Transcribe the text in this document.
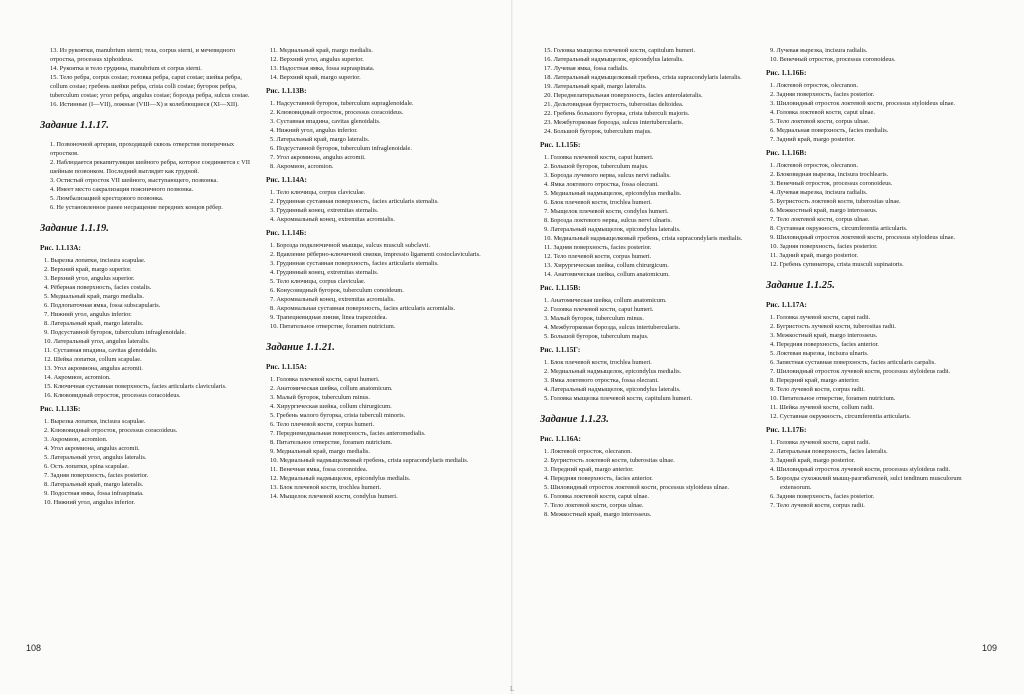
13. Из рукоятки, manubrium sterni; тела, corpus sterni, и мечевидного отростка, processus xiphoideus.

14. Рукоятка и тело грудины, manubrium et corpus sterni.

15. Тело ребра, corpus costae; головка ребра, caput costae; шейка ребра, collum costae; гребень шейки ребра, crista colli costae; бугорок ребра, tuberculum costae; угол ребра, angulus costae; борозда ребра, sulcus costae.

16. Истинные (I—VII), ложные (VIII—X) и колеблющиеся (XI—XII).

Задание 1.1.17.

1. Позвоночной артерии, проходящей сквозь отверстия поперечных отростков.

2. Наблюдается рекапитуляция шейного ребра, которое соединяется с VII шейным позвонком. Последний выглядит как грудной.

3. Остистый отросток VII шейного, выступающего, позвонка.

4. Имеет место сакрализация поясничного позвонка.

5. Люмбализацией крестцового позвонка.

6. Не установленное ранее несращение передних концов рёбер.

Задание 1.1.19.

Рис. 1.1.13А:

1. Вырезка лопатки, incisura scapulae.

2. Верхний край, margo superior.

3. Верхний угол, angulus superior.

4. Рёберная поверхность, facies costalis.

5. Медиальный край, margo medialis.

6. Подлопаточная ямка, fossa subscapularis.

7. Нижний угол, angulus inferior.

8. Латеральный край, margo lateralis.

9. Подсуставной бугорок, tuberculum infraglenoidale.

10. Латеральный угол, angulus lateralis.

11. Суставная впадина, cavitas glenoidalis.

12. Шейка лопатки, collum scapulae.

13. Угол акромиона, angulus acromii.

14. Акромион, acromion.

15. Ключичная суставная поверхность, facies articularis clavicularis.

16. Клювовидный отросток, processus coracoideus.

Рис. 1.1.13Б:

1. Вырезка лопатки, incisura scapulae.

2. Клювовидный отросток, processus coracoideus.

3. Акромион, acromion.

4. Угол акромиона, angulus acromii.

5. Латеральный угол, angulus lateralis.

6. Ость лопатки, spina scapulae.

7. Задняя поверхность, facies posterior.

8. Латеральный край, margo lateralis.

9. Подостная ямка, fossa infraspinata.

10. Нижний угол, angulus inferior.

11. Медиальный край, margo medialis.

12. Верхний угол, angulus superior.

13. Надостная ямка, fossa supraspinata.

14. Верхний край, margo superior.

Рис. 1.1.13В:

1. Надсуставной бугорок, tuberculum supraglenoidale.

2. Клювовидный отросток, processus coracoideus.

3. Суставная впадина, cavitas glenoidalis.

4. Нижний угол, angulus inferior.

5. Латеральный край, margo lateralis.

6. Подсуставной бугорок, tuberculum infraglenoidale.

7. Угол акромиона, angulus acromii.

8. Акромион, acromion.

Рис. 1.1.14А:

1. Тело ключицы, corpus claviculae.

2. Грудинная суставная поверхность, facies articularis sternalis.

3. Грудинный конец, extremitas sternalis.

4. Акромиальный конец, extremitas acromialis.

Рис. 1.1.14Б:

1. Борозда подключичной мышцы, sulcus musculi subclavii.

2. Вдавление рёберно-ключичной связки, impressio ligamenti costoclavicularis.

3. Грудинная суставная поверхность, facies articularis sternalis.

4. Грудинный конец, extremitas sternalis.

5. Тело ключицы, corpus claviculae.

6. Конусовидный бугорок, tuberculum conoideum.

7. Акромиальный конец, extremitas acromialis.

8. Акромиальная суставная поверхность, facies articularis acromialis.

9. Трапециевидная линия, linea trapezoidea.

10. Питательное отверстие, foramen nutricium.

Задание 1.1.21.

Рис. 1.1.15А:

1. Головка плечевой кости, caput humeri.

2. Анатомическая шейка, collum anatomicum.

3. Малый бугорок, tuberculum minus.

4. Хирургическая шейка, collum chirurgicum.

5. Гребень малого бугорка, crista tuberculi minoris.

6. Тело плечевой кости, corpus humeri.

7. Переднемедиальная поверхность, facies anteromedialis.

8. Питательное отверстие, foramen nutricium.

9. Медиальный край, margo medialis.

10. Медиальный надмыщелковый гребень, crista supracondylaris medialis.

11. Венечная ямка, fossa coronoidea.

12. Медиальный надмыщелок, epicondylus medialis.

13. Блок плечевой кости, trochlea humeri.

14. Мыщелок плечевой кости, condylus humeri.

15. Головка мыщелка плечевой кости, capitulum humeri.

16. Латеральный надмыщелок, epicondylus lateralis.

17. Лучевая ямка, fossa radialis.

18. Латеральный надмыщелковый гребень, crista supracondylaris lateralis.

19. Латеральный край, margo lateralis.

20. Переднелатеральная поверхность, facies anterolateralis.

21. Дельтовидная бугристость, tuberositas deltoidea.

22. Гребень большого бугорка, crista tuberculi majoris.

23. Межбугорковая борозда, sulcus intertubercularis.

24. Большой бугорок, tuberculum majus.

Рис. 1.1.15Б:

1. Головка плечевой кости, caput humeri.

2. Большой бугорок, tuberculum majus.

3. Борозда лучевого нерва, sulcus nervi radialis.

4. Ямка локтевого отростка, fossa olecrani.

5. Медиальный надмыщелок, epicondylus medialis.

6. Блок плечевой кости, trochlea humeri.

7. Мыщелок плечевой кости, condylus humeri.

8. Борозда локтевого нерва, sulcus nervi ulnaris.

9. Латеральный надмыщелок, epicondylus lateralis.

10. Медиальный надмыщелковый гребень, crista supracondylaris medialis.

11. Задняя поверхность, facies posterior.

12. Тело плечевой кости, corpus humeri.

13. Хирургическая шейка, collum chirurgicum.

14. Анатомическая шейка, collum anatomicum.

Рис. 1.1.15В:

1. Анатомическая шейка, collum anatomicum.

2. Головка плечевой кости, caput humeri.

3. Малый бугорок, tuberculum minus.

4. Межбугорковая борозда, sulcus intertubercularis.

5. Большой бугорок, tuberculum majus.

Рис. 1.1.15Г:

1. Блок плечевой кости, trochlea humeri.

2. Медиальный надмыщелок, epicondylus medialis.

3. Ямка локтевого отростка, fossa olecrani.

4. Латеральный надмыщелок, epicondylus lateralis.

5. Головка мыщелка плечевой кости, capitulum humeri.

Задание 1.1.23.

Рис. 1.1.16А:

1. Локтевой отросток, olecranon.

2. Бугристость локтевой кости, tuberositas ulnae.

3. Передний край, margo anterior.

4. Передняя поверхность, facies anterior.

5. Шиловидный отросток локтевой кости, processus styloideus ulnae.

6. Головка локтевой кости, caput ulnae.

7. Тело локтевой кости, corpus ulnae.

8. Межкостный край, margo interosseus.

9. Лучевая вырезка, incisura radialis.

10. Венечный отросток, processus coronoideus.

Рис. 1.1.16Б:

1. Локтевой отросток, olecranon.

2. Задняя поверхность, facies posterior.

3. Шиловидный отросток локтевой кости, processus styloideus ulnae.

4. Головка локтевой кости, caput ulnae.

5. Тело локтевой кости, corpus ulnae.

6. Медиальная поверхность, facies medialis.

7. Задний край, margo posterior.

Рис. 1.1.16В:

1. Локтевой отросток, olecranon.

2. Блоковидная вырезка, incisura trochlearis.

3. Венечный отросток, processus coronoideus.

4. Лучевая вырезка, incisura radialis.

5. Бугристость локтевой кости, tuberositas ulnae.

6. Межкостный край, margo interosseus.

7. Тело локтевой кости, corpus ulnae.

8. Суставная окружность, circumferentia articularis.

9. Шиловидный отросток локтевой кости, processus styloideus ulnae.

10. Задняя поверхность, facies posterior.

11. Задний край, margo posterior.

12. Гребень супинатора, crista musculi supinatoris.

Задание 1.1.25.

Рис. 1.1.17А:

1. Головка лучевой кости, caput radii.

2. Бугристость лучевой кости, tuberositas radii.

3. Межкостный край, margo interosseus.

4. Передняя поверхность, facies anterior.

5. Локтевая вырезка, incisura ulnaris.

6. Запястная суставная поверхность, facies articularis carpalis.

7. Шиловидный отросток лучевой кости, processus styloideus radii.

8. Передний край, margo anterior.

9. Тело лучевой кости, corpus radii.

10. Питательное отверстие, foramen nutricium.

11. Шейка лучевой кости, collum radii.

12. Суставная окружность, circumferentia articularis.

Рис. 1.1.17Б:

1. Головка лучевой кости, caput radii.

2. Латеральная поверхность, facies lateralis.

3. Задний край, margo posterior.

4. Шиловидный отросток лучевой кости, processus styloideus radii.

5. Борозды сухожилий мышц-разгибателей, sulci tendinum musculorum extensorum.

6. Задняя поверхность, facies posterior.

7. Тело лучевой кости, corpus radii.

108	109
L
